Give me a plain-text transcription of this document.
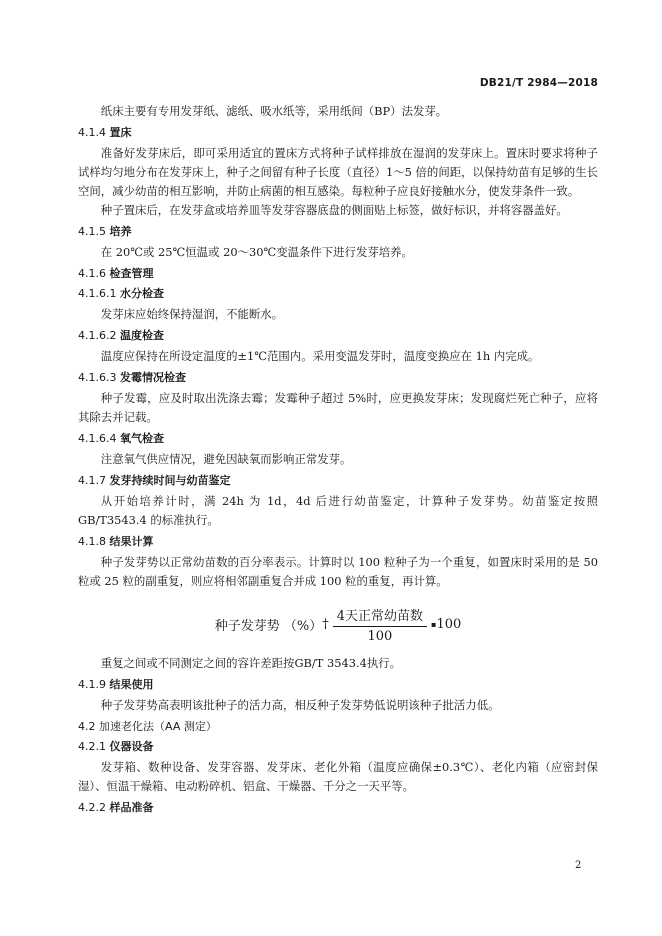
DB21/T 2984—2018

纸床主要有专用发芽纸、滤纸、吸水纸等，采用纸间（BP）法发芽。

4.1.4 置床

准备好发芽床后，即可采用适宜的置床方式将种子试样排放在湿润的发芽床上。置床时要求将种子试样均匀地分布在发芽床上，种子之间留有种子长度（直径）1～5 倍的间距，以保持幼苗有足够的生长空间，减少幼苗的相互影响，并防止病菌的相互感染。每粒种子应良好接触水分，使发芽条件一致。

种子置床后，在发芽盒或培养皿等发芽容器底盘的侧面贴上标签，做好标识，并将容器盖好。

4.1.5 培养

在 20℃或 25℃恒温或 20～30℃变温条件下进行发芽培养。

4.1.6 检查管理
4.1.6.1 水分检查

发芽床应始终保持湿润，不能断水。

4.1.6.2 温度检查

温度应保持在所设定温度的±1℃范围内。采用变温发芽时，温度变换应在 1h 内完成。

4.1.6.3 发霉情况检查

种子发霉，应及时取出洗涤去霉；发霉种子超过 5%时，应更换发芽床；发现腐烂死亡种子，应将其除去并记载。

4.1.6.4 氧气检查

注意氧气供应情况，避免因缺氧而影响正常发芽。

4.1.7 发芽持续时间与幼苗鉴定

从开始培养计时，满 24h 为 1d，4d 后进行幼苗鉴定，计算种子发芽势。幼苗鉴定按照 GB/T3543.4 的标准执行。

4.1.8 结果计算

种子发芽势以正常幼苗数的百分率表示。计算时以 100 粒种子为一个重复，如置床时采用的是 50 粒或 25 粒的副重复，则应将相邻副重复合并成 100 粒的重复，再计算。

种子发芽势 （%） † $\frac{\text{4天正常幼苗数}}{100}$ ▪ 100

重复之间或不同测定之间的容许差距按GB/T 3543.4执行。

4.1.9 结果使用

种子发芽势高表明该批种子的活力高，相反种子发芽势低说明该种子批活力低。

4.2 加速老化法（AA 测定）
4.2.1 仪器设备

发芽箱、数种设备、发芽容器、发芽床、老化外箱（温度应确保±0.3℃）、老化内箱（应密封保湿）、恒温干燥箱、电动粉碎机、铝盒、干燥器、千分之一天平等。

4.2.2 样品准备
2
